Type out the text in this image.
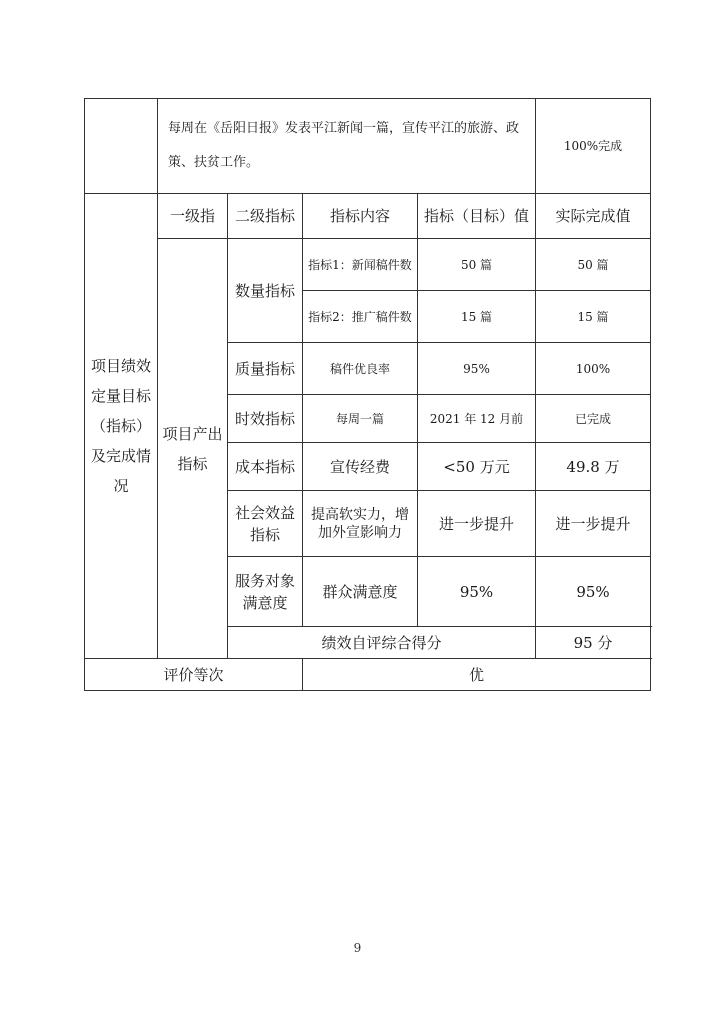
	每周在《岳阳日报》发表平江新闻一篇，宣传平江的旅游、政策、扶贫工作。				100%完成
项目绩效定量目标（指标）及完成情况	一级指	二级指标	指标内容	指标（目标）值	实际完成值
	项目产出指标	数量指标	指标1：新闻稿件数	50 篇	50 篇
			指标2：推广稿件数	15 篇	15 篇
		质量指标	稿件优良率	95%	100%
		时效指标	每周一篇	2021 年 12 月前	已完成
		成本指标	宣传经费	<50 万元	49.8 万
		社会效益指标	提高软实力，增加外宣影响力	进一步提升	进一步提升
		服务对象满意度	群众满意度	95%	95%
		绩效自评综合得分			95 分
评价等次			优		
9
